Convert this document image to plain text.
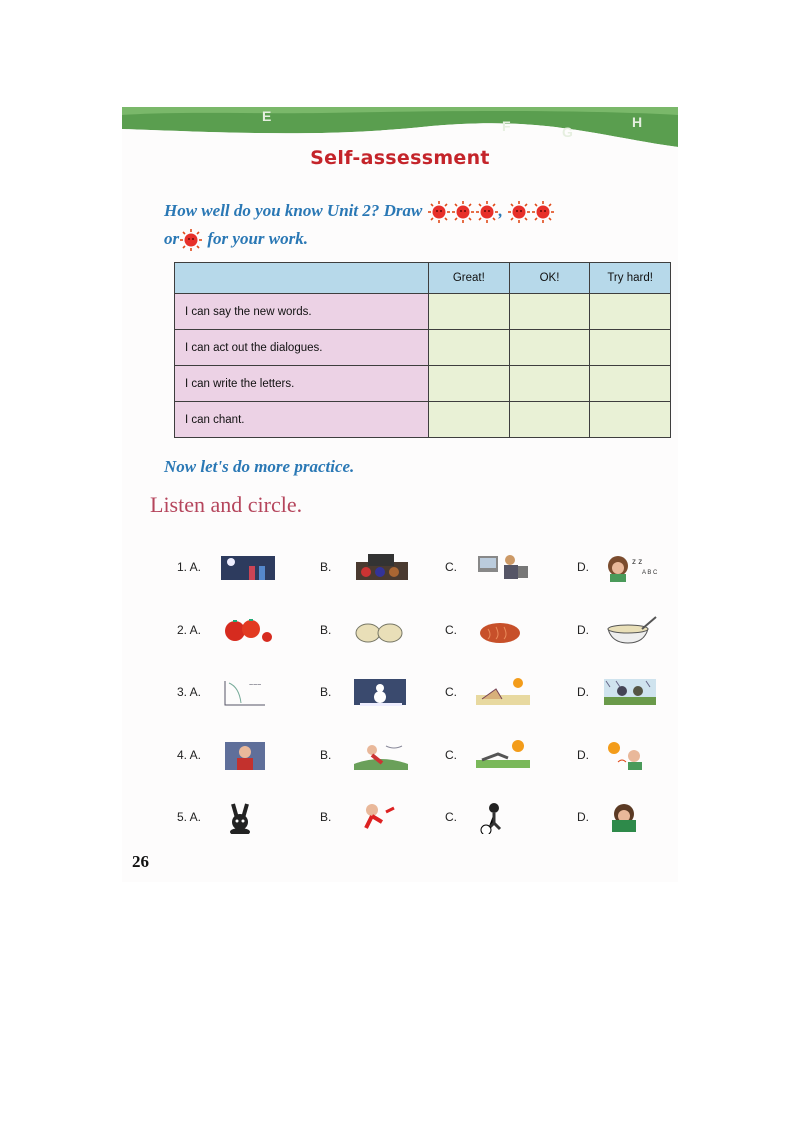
E
F	G
H
Self-assessment
How well do you know Unit 2? Draw	,
or for your work.
	Great!	OK!	Try hard!
I can say the new words.			
I can act out the dialogues.			
I can write the letters.			
I can chant.			
Now let's do more practice.
Listen and circle.
1. A.	B.	C.	D.	z z
A B C
2. A.	B.	C.	D.
3. A.	~~~	B.	C.	D.
4. A.	B.	C.	D.
5. A.	B.	C.	D.
26
